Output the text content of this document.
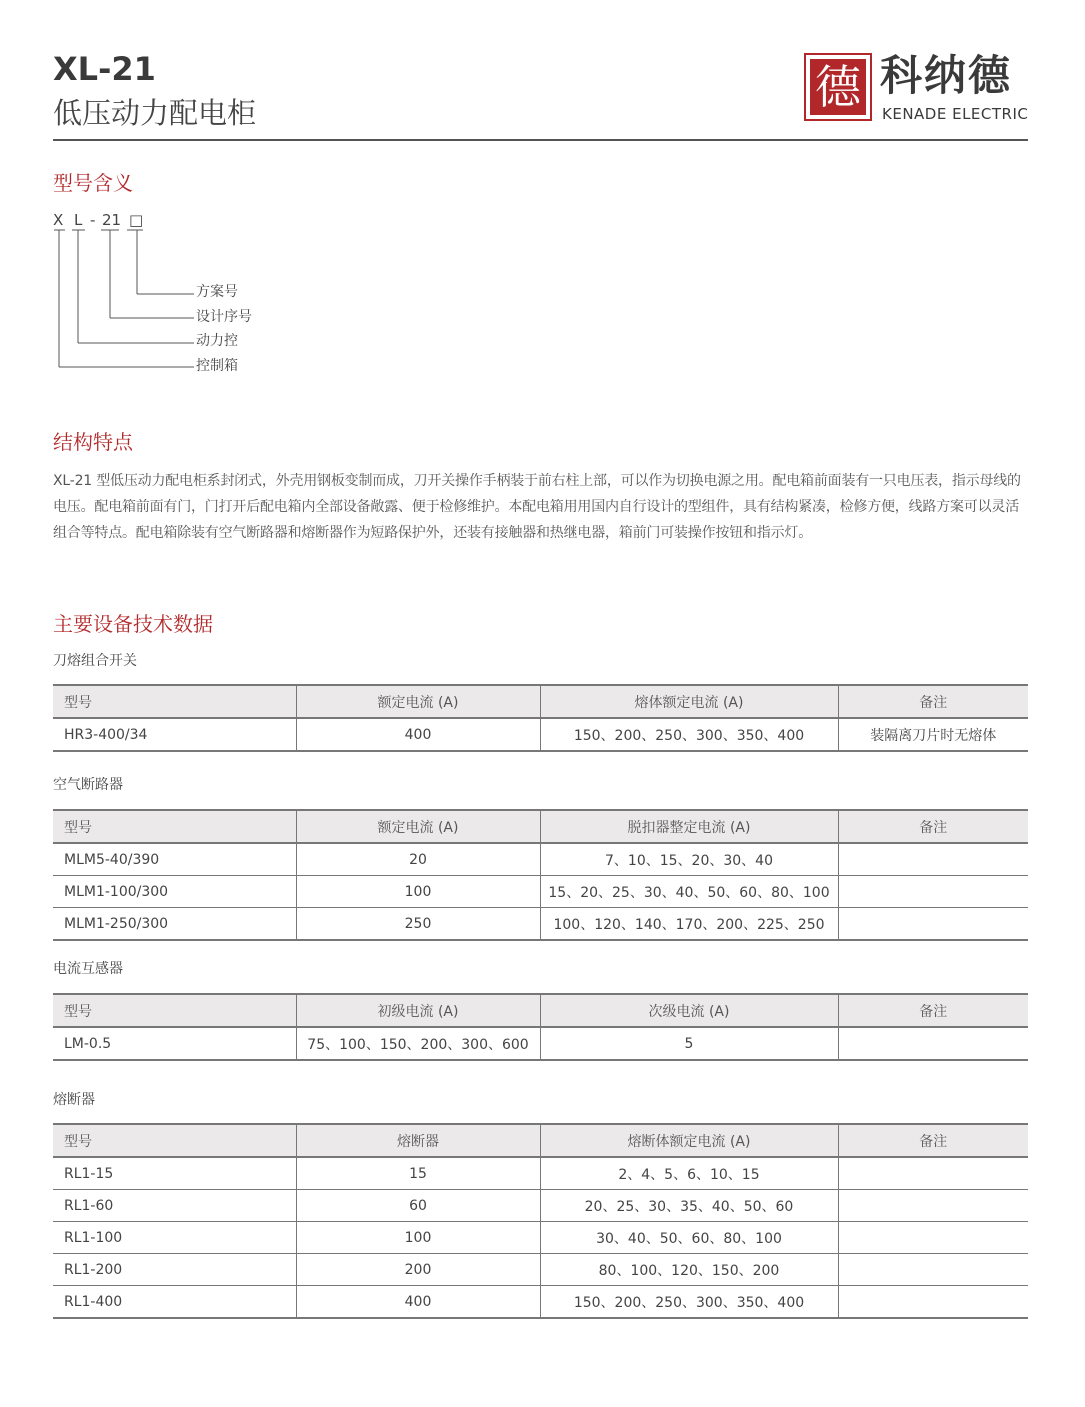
XL-21
低压动力配电柜	德 科纳德
KENADE ELECTRIC
型号含义
X L - 21 □
方案号
设计序号
动力控
控制箱
结构特点
XL-21 型低压动力配电柜系封闭式，外壳用钢板变制而成，刀开关操作手柄装于前右柱上部，可以作为切换电源之用。配电箱前面装有一只电压表，指示母线的电压。配电箱前面有门，门打开后配电箱内全部设备敞露、便于检修维护。本配电箱用用国内自行设计的型组件，具有结构紧凑，检修方便，线路方案可以灵活组合等特点。配电箱除装有空气断路器和熔断器作为短路保护外，还装有接触器和热继电器，箱前门可装操作按钮和指示灯。
主要设备技术数据
刀熔组合开关
型号	额定电流 (A)	熔体额定电流 (A)	备注
HR3-400/34	400	150、200、250、300、350、400	装隔离刀片时无熔体
空气断路器
型号	额定电流 (A)	脱扣器整定电流 (A)	备注
MLM5-40/390	20	7、10、15、20、30、40	
MLM1-100/300	100	15、20、25、30、40、50、60、80、100	
MLM1-250/300	250	100、120、140、170、200、225、250	
电流互感器
型号	初级电流 (A)	次级电流 (A)	备注
LM-0.5	75、100、150、200、300、600	5	
熔断器
型号	熔断器	熔断体额定电流 (A)	备注
RL1-15	15	2、4、5、6、10、15	
RL1-60	60	20、25、30、35、40、50、60	
RL1-100	100	30、40、50、60、80、100	
RL1-200	200	80、100、120、150、200	
RL1-400	400	150、200、250、300、350、400	
